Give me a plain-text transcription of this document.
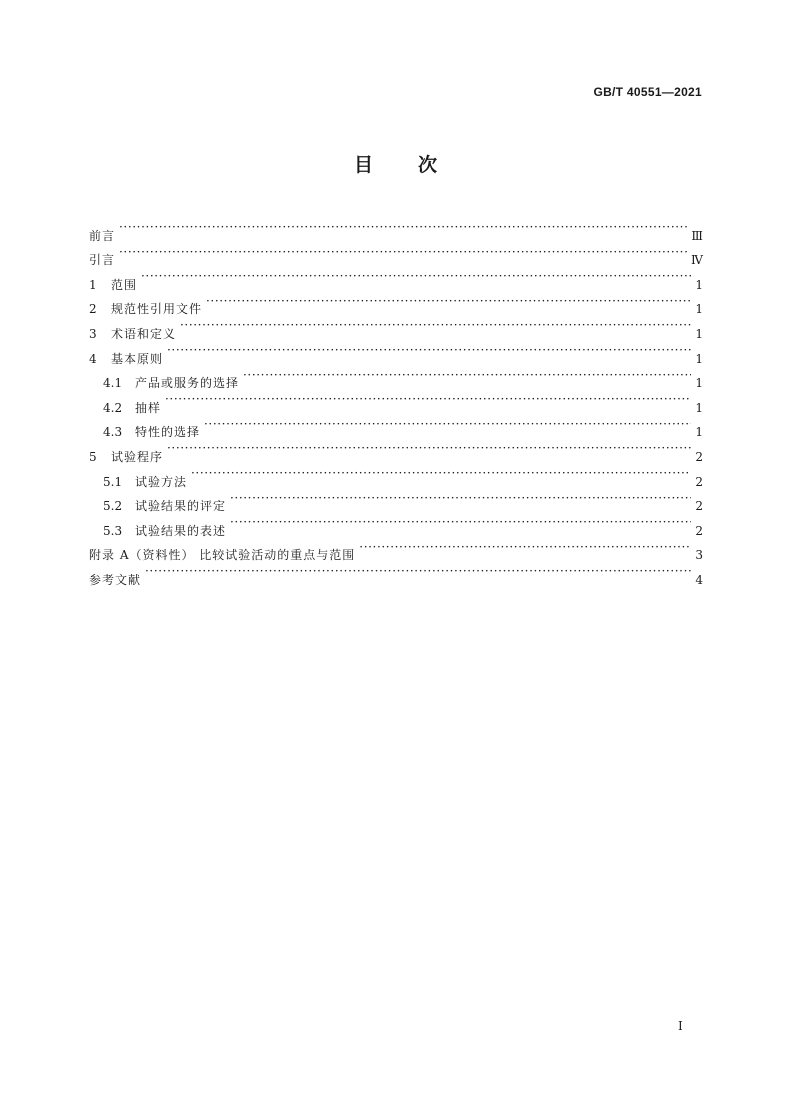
GB/T 40551—2021
目 次
前言 ·····	Ⅲ
引言 ·····	Ⅳ
1	范围 ·····	1
2	规范性引用文件 ·····	1
3	术语和定义 ·····	1
4	基本原则 ·····	1
4.1	产品或服务的选择 ·····	1
4.2	抽样 ·····	1
4.3	特性的选择 ·····	1
5	试验程序 ·····	2
5.1	试验方法 ·····	2
5.2	试验结果的评定 ·····	2
5.3	试验结果的表述 ·····	2
附录 A（资料性） 比较试验活动的重点与范围 ·····	3
参考文献 ·····	4
I
